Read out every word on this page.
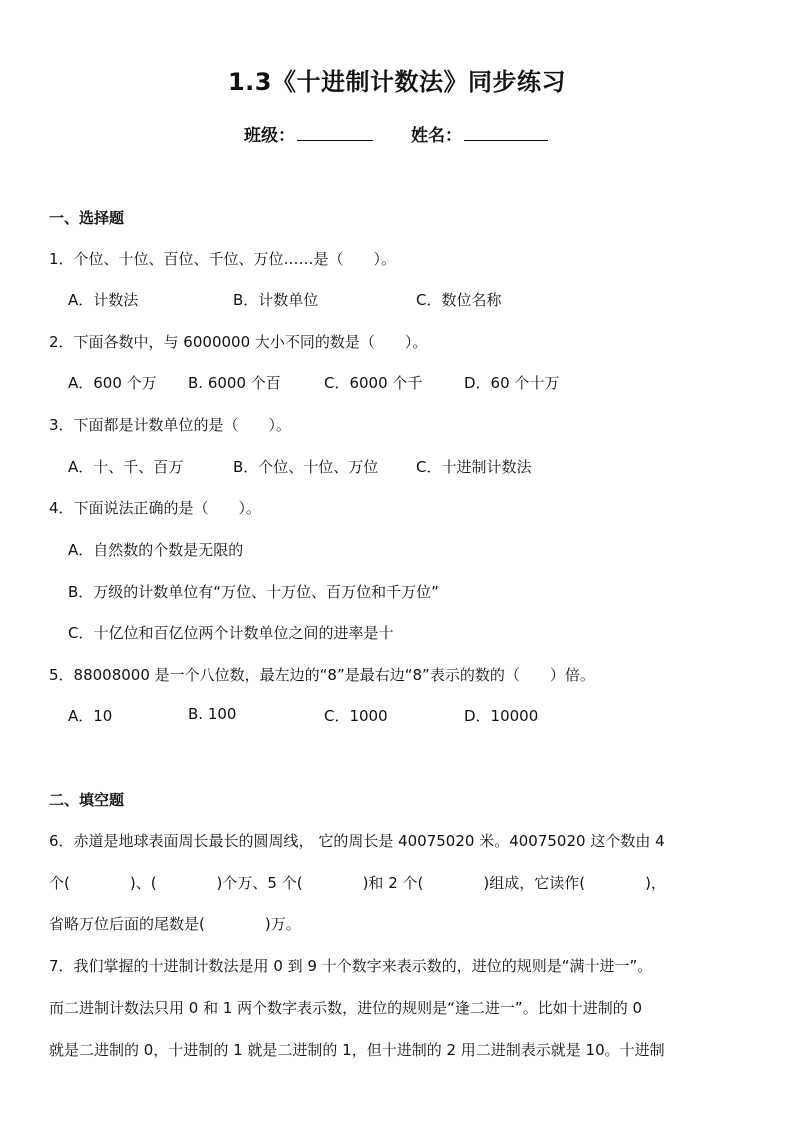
1.3《十进制计数法》同步练习
班级：	姓名：
一、选择题
1．个位、十位、百位、千位、万位……是（　　）。
A．计数法	B．计数单位	C．数位名称
2．下面各数中，与 6000000 大小不同的数是（　　）。
A．600 个万 B. 6000 个百	C．6000 个千	D．60 个十万
3．下面都是计数单位的是（　　）。
A．十、千、百万	B．个位、十位、万位	C．十进制计数法
4．下面说法正确的是（　　）。
A．自然数的个数是无限的
B．万级的计数单位有“万位、十万位、百万位和千万位”
C．十亿位和百亿位两个计数单位之间的进率是十
5．88008000 是一个八位数，最左边的“8”是最右边“8”表示的数的（　　）倍。
A．10	B. 100	C．1000	D．10000
二、填空题
6．赤道是地球表面周长最长的圆周线， 它的周长是 40075020 米。40075020 这个数由 4
个(　　　　)、(　　　　)个万、5 个(　　　　)和 2 个(　　　　)组成，它读作(　　　　)，
省略万位后面的尾数是(　　　　)万。
7．我们掌握的十进制计数法是用 0 到 9 十个数字来表示数的，进位的规则是“满十进一”。
而二进制计数法只用 0 和 1 两个数字表示数，进位的规则是“逢二进一”。比如十进制的 0
就是二进制的 0，十进制的 1 就是二进制的 1，但十进制的 2 用二进制表示就是 10。十进制
